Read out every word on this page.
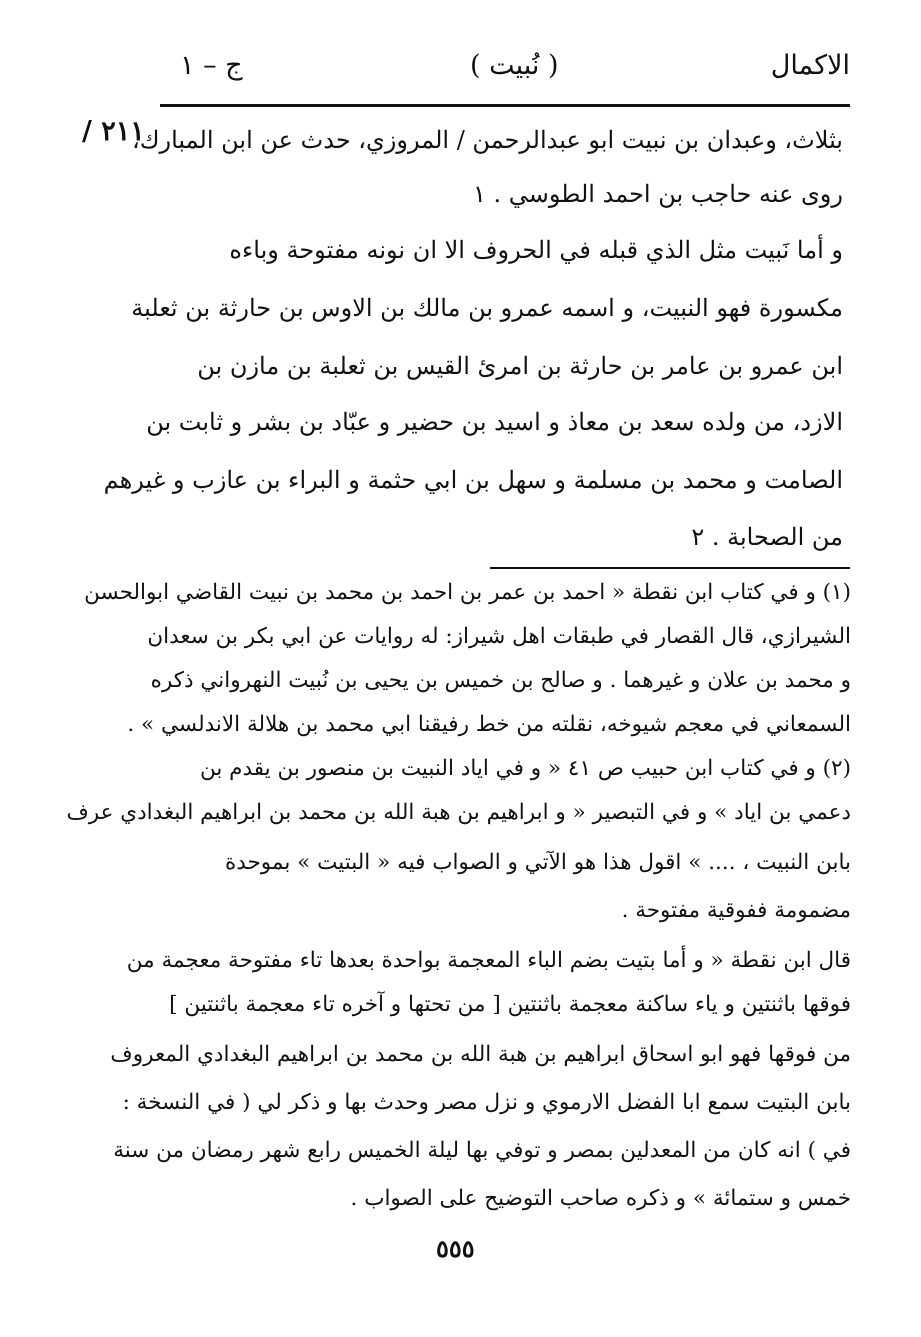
ج – ١	( نُبيت )	الاكمال
/ ٢١١
بثلاث، وعبدان بن نبيت ابو عبدالرحمن / المروزي، حدث عن ابن المبارك،
روى عنه حاجب بن احمد الطوسي . ١
و أما نَبيت مثل الذي قبله في الحروف الا ان نونه مفتوحة وباءه
مكسورة فهو النبيت، و اسمه عمرو بن مالك بن الاوس بن حارثة بن ثعلبة
ابن عمرو بن عامر بن حارثة بن امرئ القيس بن ثعلبة بن مازن بن
الازد، من ولده سعد بن معاذ و اسيد بن حضير و عبّاد بن بشر و ثابت بن
الصامت و محمد بن مسلمة و سهل بن ابي حثمة و البراء بن عازب و غيرهم
من الصحابة . ٢
(١) و في كتاب ابن نقطة « احمد بن عمر بن احمد بن محمد بن نبيت القاضي ابوالحسن
الشيرازي، قال القصار في طبقات اهل شيراز: له روايات عن ابي بكر بن سعدان
و محمد بن علان و غيرهما . و صالح بن خميس بن يحيى بن نُبيت النهرواني ذكره
السمعاني في معجم شيوخه، نقلته من خط رفيقنا ابي محمد بن هلالة الاندلسي » .
(٢) و في كتاب ابن حبيب ص ٤١ « و في اياد النبيت بن منصور بن يقدم بن
دعمي بن اياد » و في التبصير « و ابراهيم بن هبة الله بن محمد بن ابراهيم البغدادي عرف
بابن النبيت ، .... » اقول هذا هو الآتي و الصواب فيه « البتيت » بموحدة
مضمومة ففوقية مفتوحة .
قال ابن نقطة « و أما بتيت بضم الباء المعجمة بواحدة بعدها تاء مفتوحة معجمة من
فوقها باثنتين و ياء ساكنة معجمة باثنتين [ من تحتها و آخره تاء معجمة باثنتين ]
من فوقها فهو ابو اسحاق ابراهيم بن هبة الله بن محمد بن ابراهيم البغدادي المعروف
بابن البتيت سمع ابا الفضل الارموي و نزل مصر وحدث بها و ذكر لي ( في النسخة :
في ) انه كان من المعدلين بمصر و توفي بها ليلة الخميس رابع شهر رمضان من سنة
خمس و ستمائة » و ذكره صاحب التوضيح على الصواب .
٥٥٥
